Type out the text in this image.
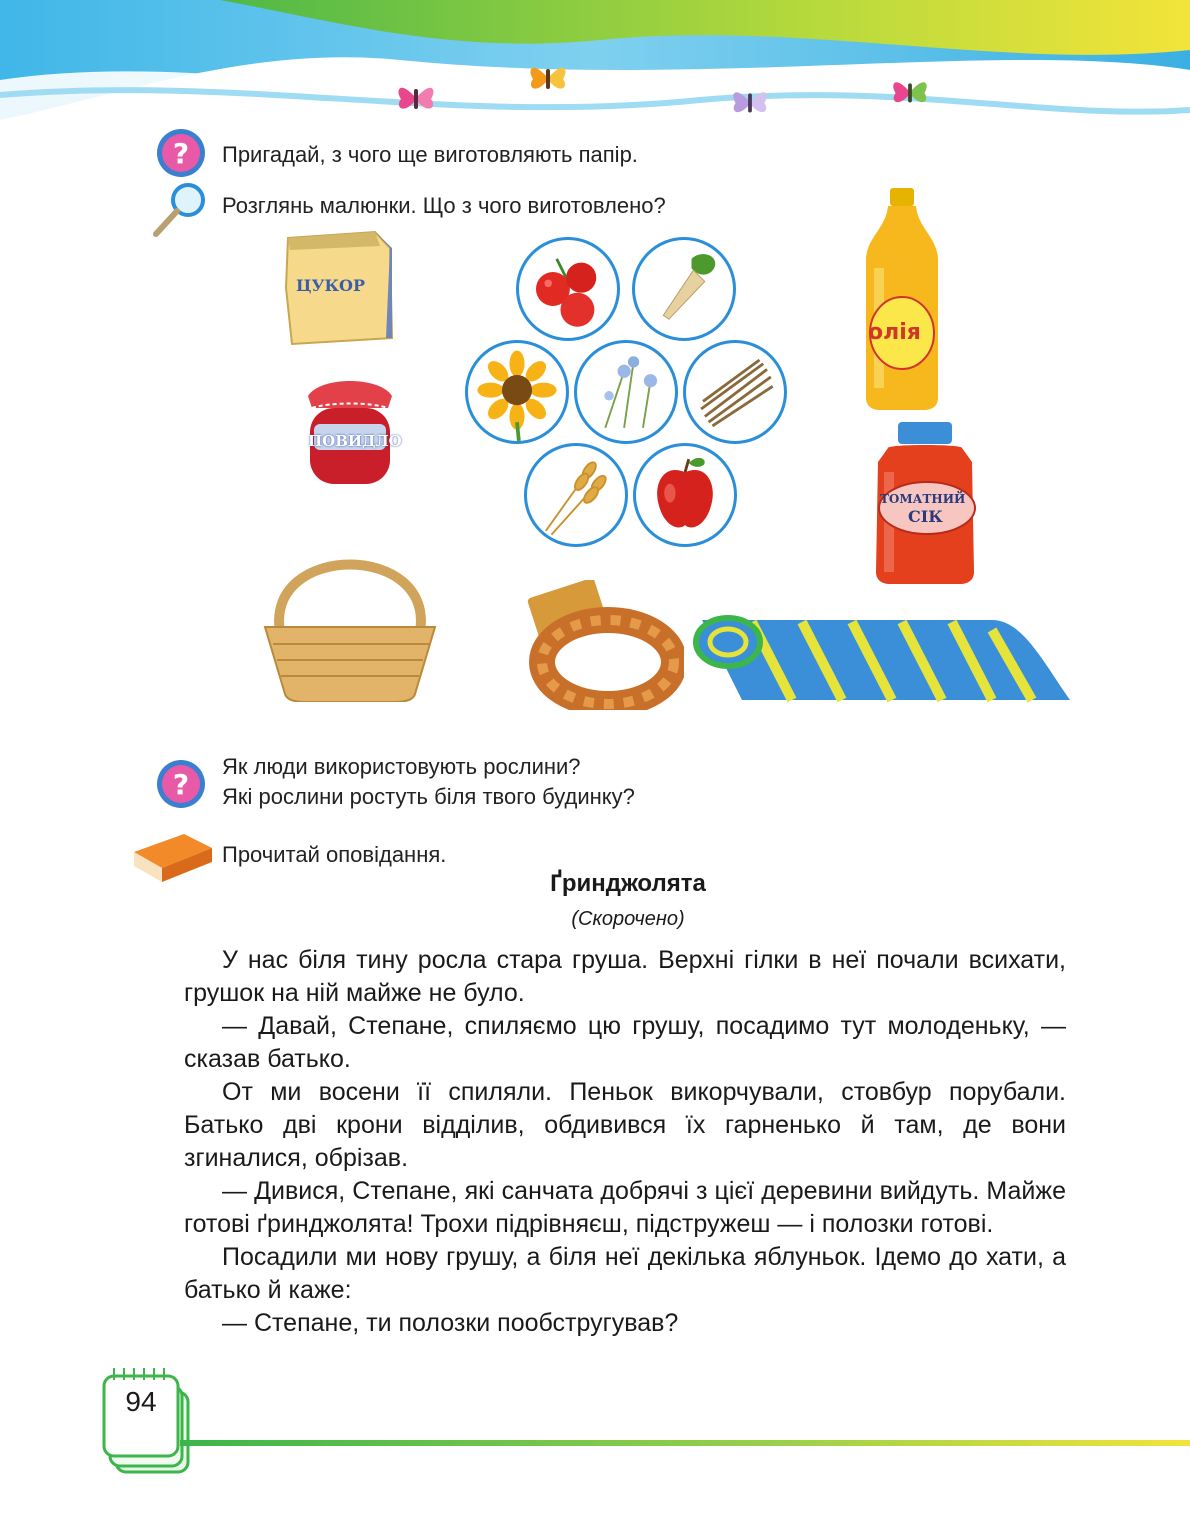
? Пригадай, з чого ще виготовляють папір.
Розглянь малюнки. Що з чого виготовлено?
ЦУКОР
ПОВИДЛО
олія
ТОМАТНИЙ
СІК
?
Як люди використовують рослини?
Які рослини ростуть біля твого будинку?
Прочитай оповідання.
Ґринджолята
(Скорочено)

У нас біля тину росла стара груша. Верхні гілки в неї почали всихати, грушок на ній майже не було.

— Давай, Степане, спиляємо цю грушу, посадимо тут молоденьку, — сказав батько.

От ми восени її спиляли. Пеньок викорчували, стовбур порубали. Батько дві крони відділив, обдивився їх гарненько й там, де вони згиналися, обрізав.

— Дивися, Степане, які санчата добрячі з цієї деревини вийдуть. Майже готові ґринджолята! Трохи підрівняєш, підстружеш — і полозки готові.

Посадили ми нову грушу, а біля неї декілька яблуньок. Ідемо до хати, а батько й каже:

— Степане, ти полозки пообстругував?

94
